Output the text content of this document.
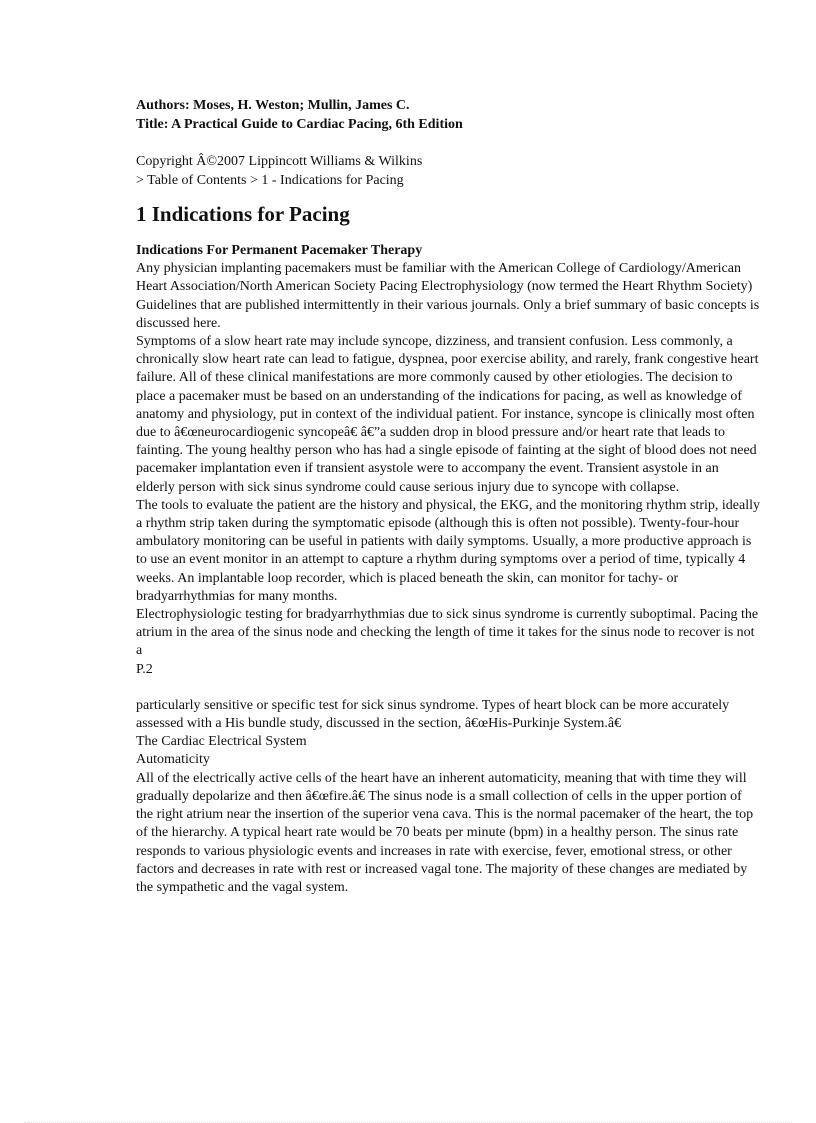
Authors: Moses, H. Weston; Mullin, James C.
Title: A Practical Guide to Cardiac Pacing, 6th Edition
Copyright Â©2007 Lippincott Williams & Wilkins
> Table of Contents > 1 - Indications for Pacing
1 Indications for Pacing
Indications For Permanent Pacemaker Therapy

Any physician implanting pacemakers must be familiar with the American College of Cardiology/American Heart Association/North American Society Pacing Electrophysiology (now termed the Heart Rhythm Society) Guidelines that are published intermittently in their various journals. Only a brief summary of basic concepts is discussed here.

Symptoms of a slow heart rate may include syncope, dizziness, and transient confusion. Less commonly, a chronically slow heart rate can lead to fatigue, dyspnea, poor exercise ability, and rarely, frank congestive heart failure. All of these clinical manifestations are more commonly caused by other etiologies. The decision to place a pacemaker must be based on an understanding of the indications for pacing, as well as knowledge of anatomy and physiology, put in context of the individual patient. For instance, syncope is clinically most often due to â€œneurocardiogenic syncopeâ€ â€”a sudden drop in blood pressure and/or heart rate that leads to fainting. The young healthy person who has had a single episode of fainting at the sight of blood does not need pacemaker implantation even if transient asystole were to accompany the event. Transient asystole in an elderly person with sick sinus syndrome could cause serious injury due to syncope with collapse.

The tools to evaluate the patient are the history and physical, the EKG, and the monitoring rhythm strip, ideally a rhythm strip taken during the symptomatic episode (although this is often not possible). Twenty-four-hour ambulatory monitoring can be useful in patients with daily symptoms. Usually, a more productive approach is to use an event monitor in an attempt to capture a rhythm during symptoms over a period of time, typically 4 weeks. An implantable loop recorder, which is placed beneath the skin, can monitor for tachy- or bradyarrhythmias for many months.

Electrophysiologic testing for bradyarrhythmias due to sick sinus syndrome is currently suboptimal. Pacing the atrium in the area of the sinus node and checking the length of time it takes for the sinus node to recover is not a

P.2

particularly sensitive or specific test for sick sinus syndrome. Types of heart block can be more accurately assessed with a His bundle study, discussed in the section, â€œHis-Purkinje System.â€

The Cardiac Electrical System

Automaticity

All of the electrically active cells of the heart have an inherent automaticity, meaning that with time they will gradually depolarize and then â€œfire.â€ The sinus node is a small collection of cells in the upper portion of the right atrium near the insertion of the superior vena cava. This is the normal pacemaker of the heart, the top of the hierarchy. A typical heart rate would be 70 beats per minute (bpm) in a healthy person. The sinus rate responds to various physiologic events and increases in rate with exercise, fever, emotional stress, or other factors and decreases in rate with rest or increased vagal tone. The majority of these changes are mediated by the sympathetic and the vagal system.
